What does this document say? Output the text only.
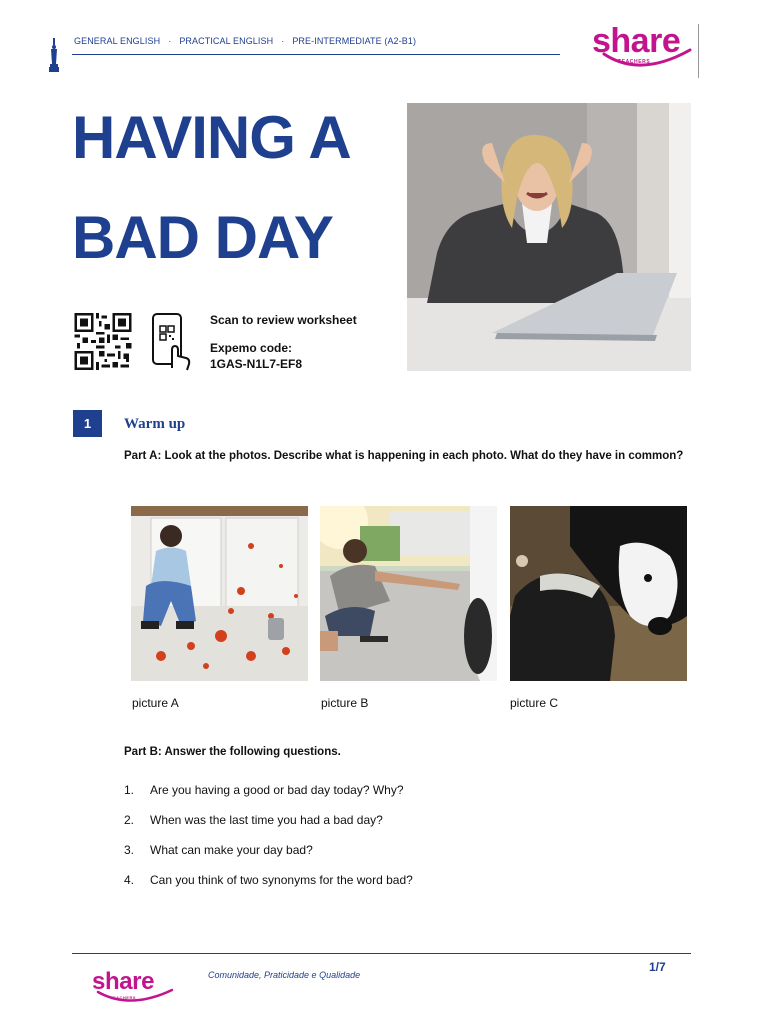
GENERAL ENGLISH · PRACTICAL ENGLISH · PRE-INTERMEDIATE (A2-B1)	share
TEACHERS
HAVING A
BAD DAY
Scan to review worksheet
Expemo code:
1GAS-N1L7-EF8
1	Warm up
Part A: Look at the photos. Describe what is happening in each photo. What do they have in common?
picture A	picture B	picture C
Part B: Answer the following questions.
1. Are you having a good or bad day today? Why?
2. When was the last time you had a bad day?
3. What can make your day bad?
4. Can you think of two synonyms for the word bad?
share
TEACHERS
Comunidade, Praticidade e Qualidade
1/7
